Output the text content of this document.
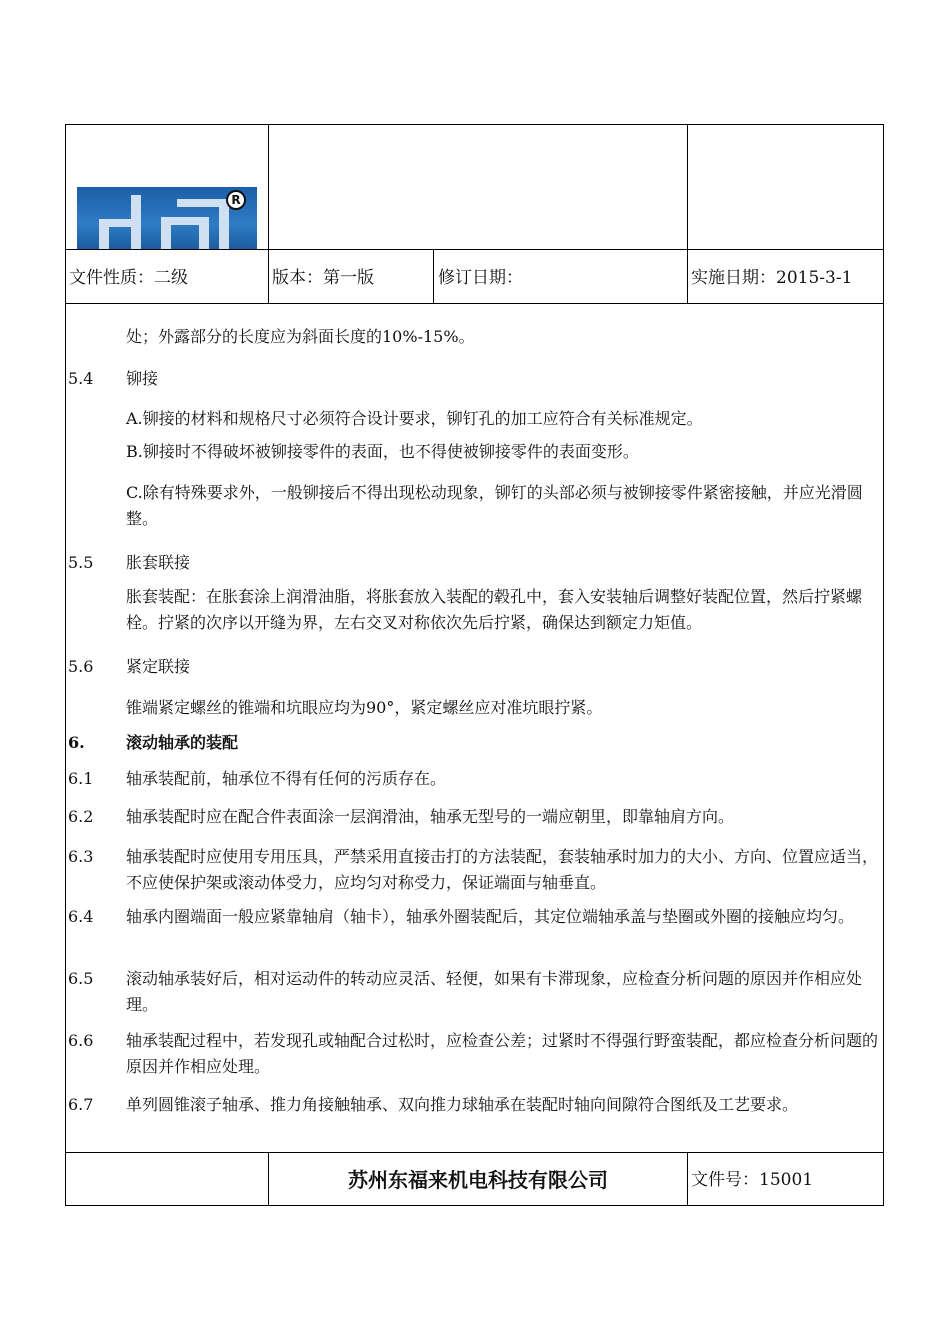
R
文件性质：二级	版本：第一版	修订日期：	实施日期：2015-3-1
处；外露部分的长度应为斜面长度的10%-15%。
5.4 铆接
A.铆接的材料和规格尺寸必须符合设计要求，铆钉孔的加工应符合有关标准规定。
B.铆接时不得破坏被铆接零件的表面，也不得使被铆接零件的表面变形。
C.除有特殊要求外，一般铆接后不得出现松动现象，铆钉的头部必须与被铆接零件紧密接触，并应光滑圆整。
5.5 胀套联接
胀套装配：在胀套涂上润滑油脂，将胀套放入装配的毂孔中，套入安装轴后调整好装配位置，然后拧紧螺栓。拧紧的次序以开缝为界，左右交叉对称依次先后拧紧，确保达到额定力矩值。
5.6 紧定联接
锥端紧定螺丝的锥端和坑眼应均为90°，紧定螺丝应对准坑眼拧紧。
6.	滚动轴承的装配
6.1 轴承装配前，轴承位不得有任何的污质存在。
6.2 轴承装配时应在配合件表面涂一层润滑油，轴承无型号的一端应朝里，即靠轴肩方向。
6.3 轴承装配时应使用专用压具，严禁采用直接击打的方法装配，套装轴承时加力的大小、方向、位置应适当，不应使保护架或滚动体受力，应均匀对称受力，保证端面与轴垂直。
6.4 轴承内圈端面一般应紧靠轴肩（轴卡），轴承外圈装配后，其定位端轴承盖与垫圈或外圈的接触应均匀。
6.5 滚动轴承装好后，相对运动件的转动应灵活、轻便，如果有卡滞现象，应检查分析问题的原因并作相应处理。
6.6 轴承装配过程中，若发现孔或轴配合过松时，应检查公差；过紧时不得强行野蛮装配，都应检查分析问题的原因并作相应处理。
6.7 单列圆锥滚子轴承、推力角接触轴承、双向推力球轴承在装配时轴向间隙符合图纸及工艺要求。
苏州东福来机电科技有限公司	文件号：15001
